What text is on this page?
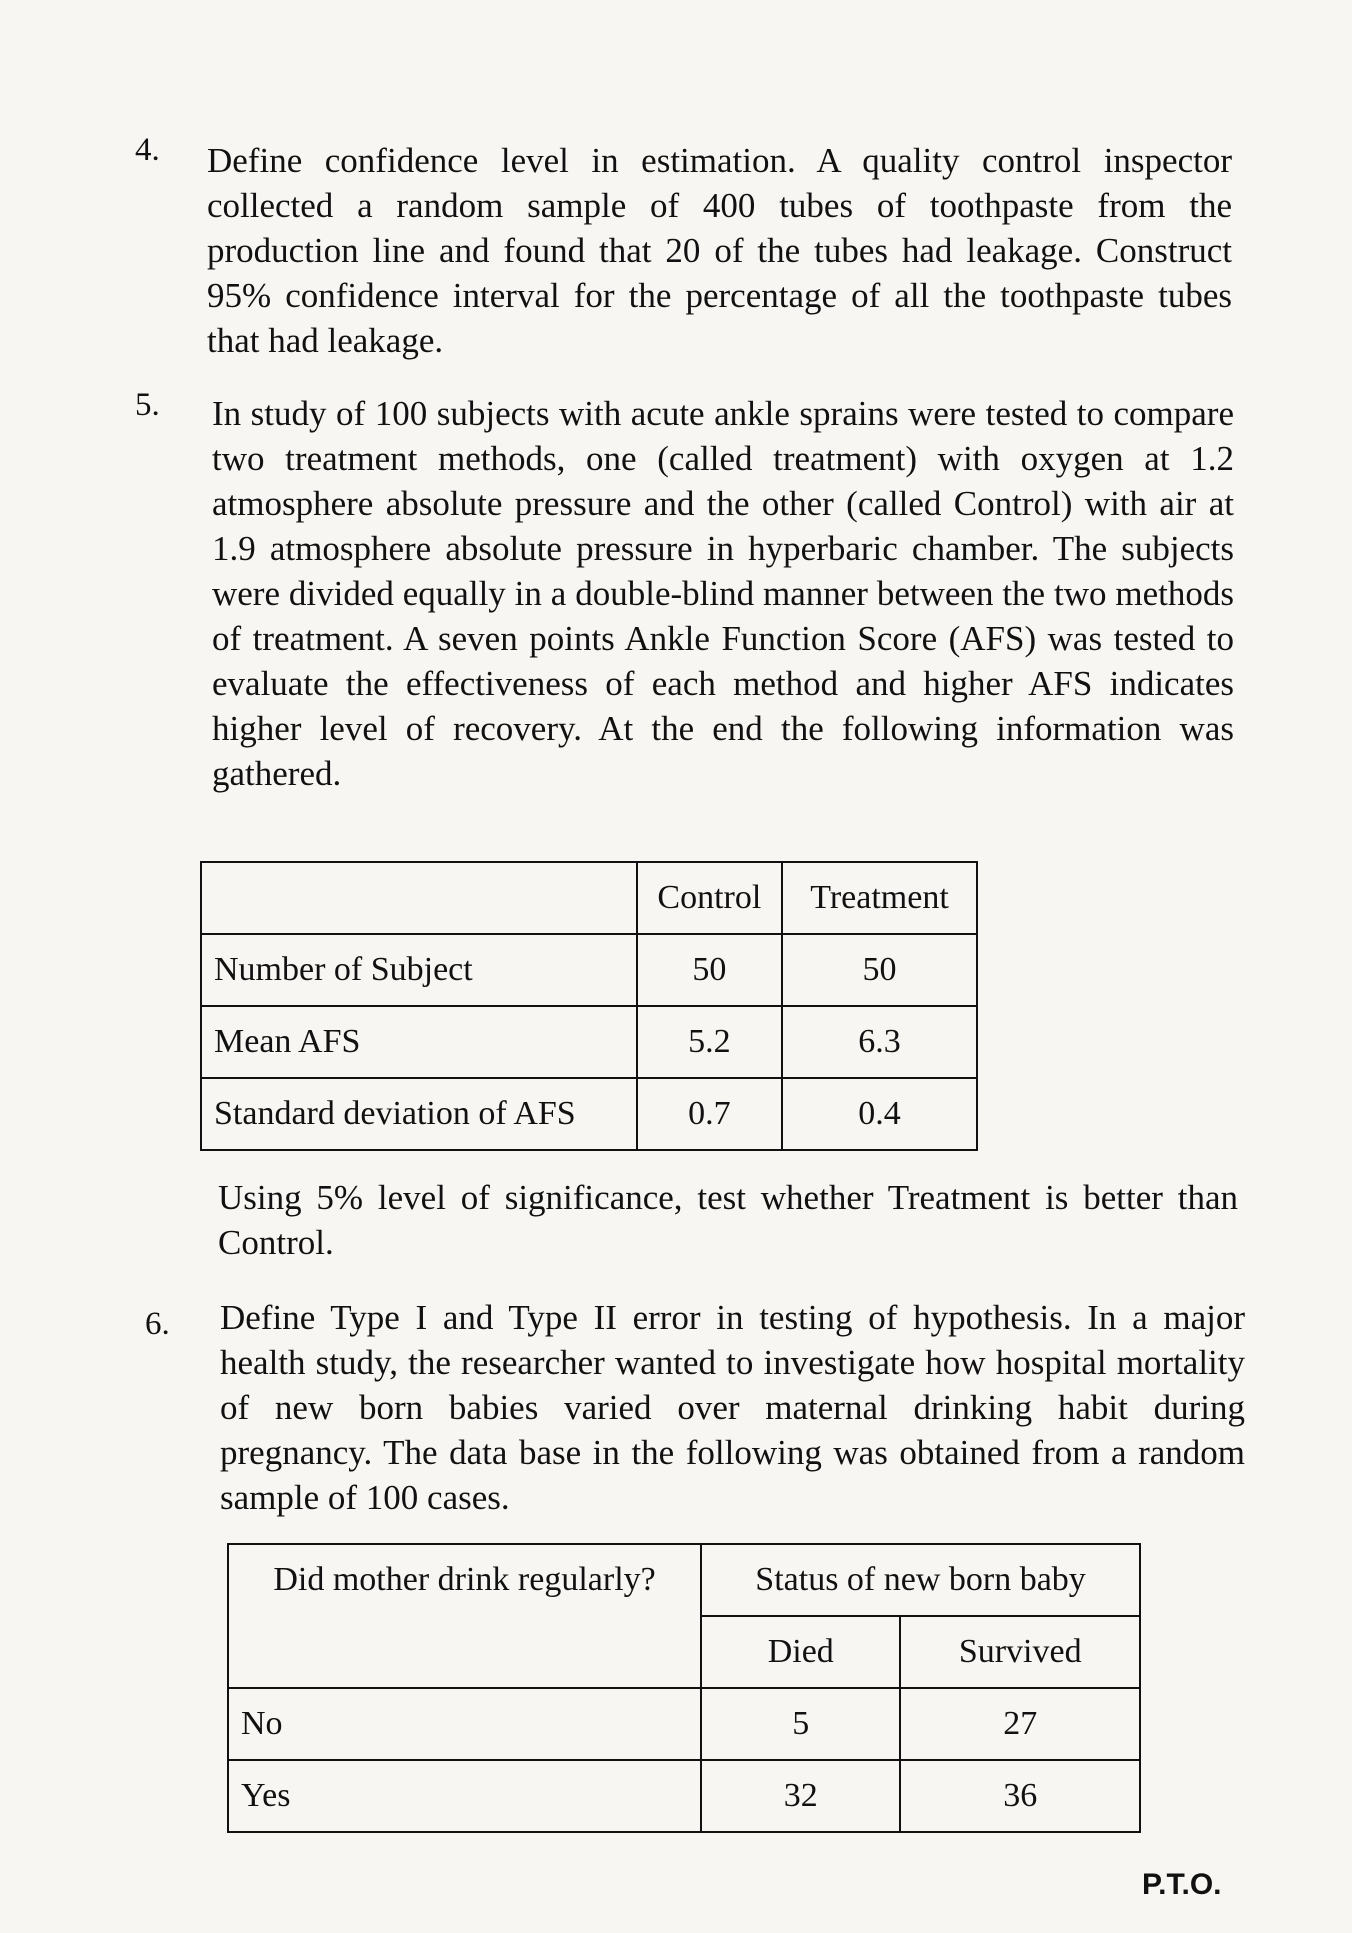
4. Define confidence level in estimation. A quality control inspector collected a random sample of 400 tubes of toothpaste from the production line and found that 20 of the tubes had leakage. Construct 95% confidence interval for the percentage of all the toothpaste tubes that had leakage.
5. In study of 100 subjects with acute ankle sprains were tested to compare two treatment methods, one (called treatment) with oxygen at 1.2 atmosphere absolute pressure and the other (called Control) with air at 1.9 atmosphere absolute pressure in hyperbaric chamber. The subjects were divided equally in a double-blind manner between the two methods of treatment. A seven points Ankle Function Score (AFS) was tested to evaluate the effectiveness of each method and higher AFS indicates higher level of recovery. At the end the following information was gathered.
	Control	Treatment
Number of Subject	50	50
Mean AFS	5.2	6.3
Standard deviation of AFS	0.7	0.4
Using 5% level of significance, test whether Treatment is better than Control.
6. Define Type I and Type II error in testing of hypothesis. In a major health study, the researcher wanted to investigate how hospital mortality of new born babies varied over maternal drinking habit during pregnancy. The data base in the following was obtained from a random sample of 100 cases.
Did mother drink regularly?	Status of new born baby	
	Died	Survived
No	5	27
Yes	32	36
P.T.O.
